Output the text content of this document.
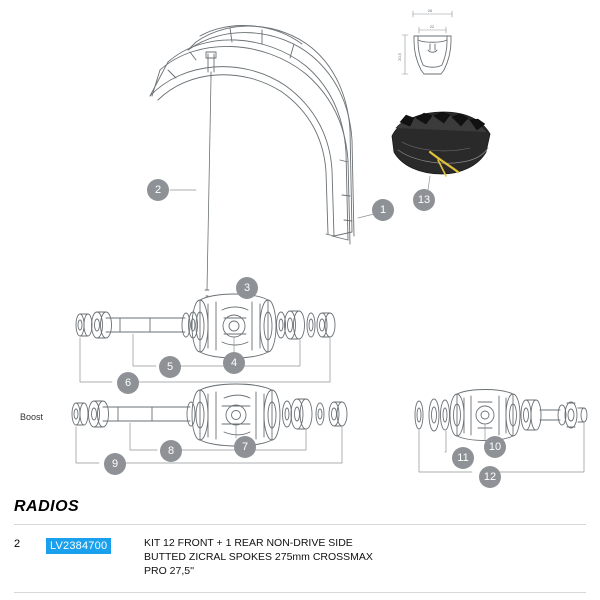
26
22
20,5
1
2
3
4
5
6
7
8
9
10
11
12
13
Boost
RADIOS
2	LV2384700	KIT 12 FRONT + 1 REAR NON-DRIVE SIDE
BUTTED ZICRAL SPOKES 275mm CROSSMAX
PRO 27,5''
